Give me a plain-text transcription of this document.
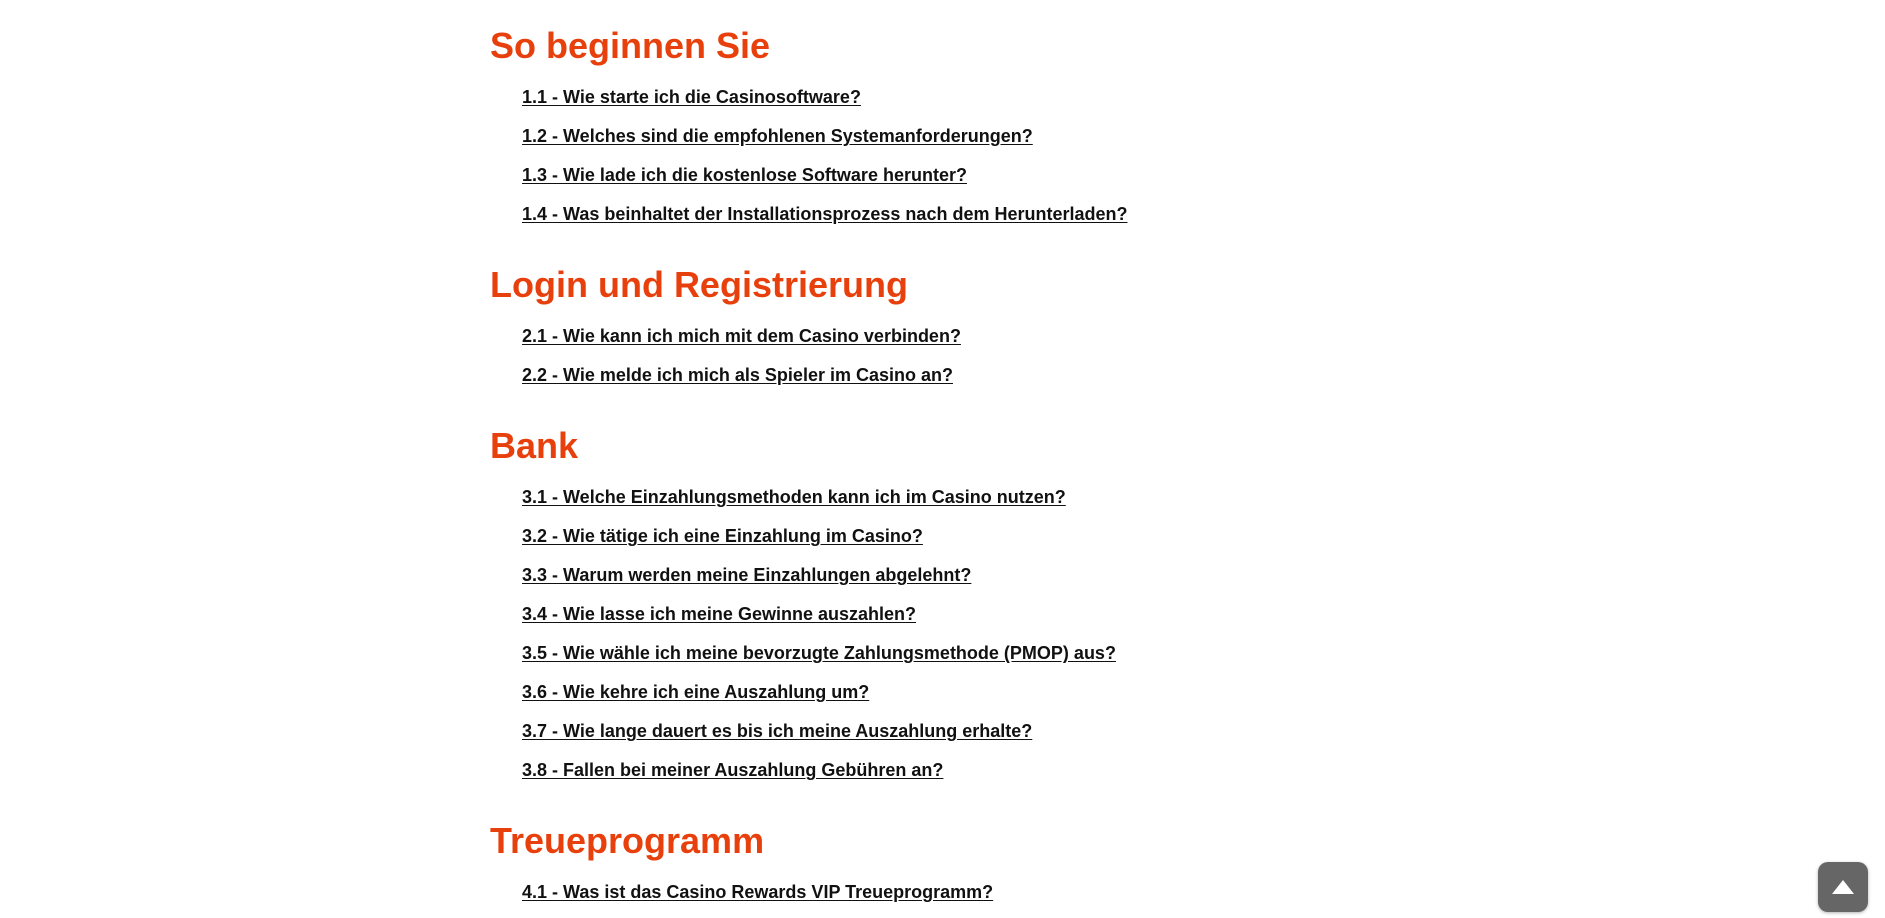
So beginnen Sie
1.1 - Wie starte ich die Casinosoftware?
1.2 - Welches sind die empfohlenen Systemanforderungen?
1.3 - Wie lade ich die kostenlose Software herunter?
1.4 - Was beinhaltet der Installationsprozess nach dem Herunterladen?
Login und Registrierung
2.1 - Wie kann ich mich mit dem Casino verbinden?
2.2 - Wie melde ich mich als Spieler im Casino an?
Bank
3.1 - Welche Einzahlungsmethoden kann ich im Casino nutzen?
3.2 - Wie tätige ich eine Einzahlung im Casino?
3.3 - Warum werden meine Einzahlungen abgelehnt?
3.4 - Wie lasse ich meine Gewinne auszahlen?
3.5 - Wie wähle ich meine bevorzugte Zahlungsmethode (PMOP) aus?
3.6 - Wie kehre ich eine Auszahlung um?
3.7 - Wie lange dauert es bis ich meine Auszahlung erhalte?
3.8 - Fallen bei meiner Auszahlung Gebühren an?
Treueprogramm
4.1 - Was ist das Casino Rewards VIP Treueprogramm?
